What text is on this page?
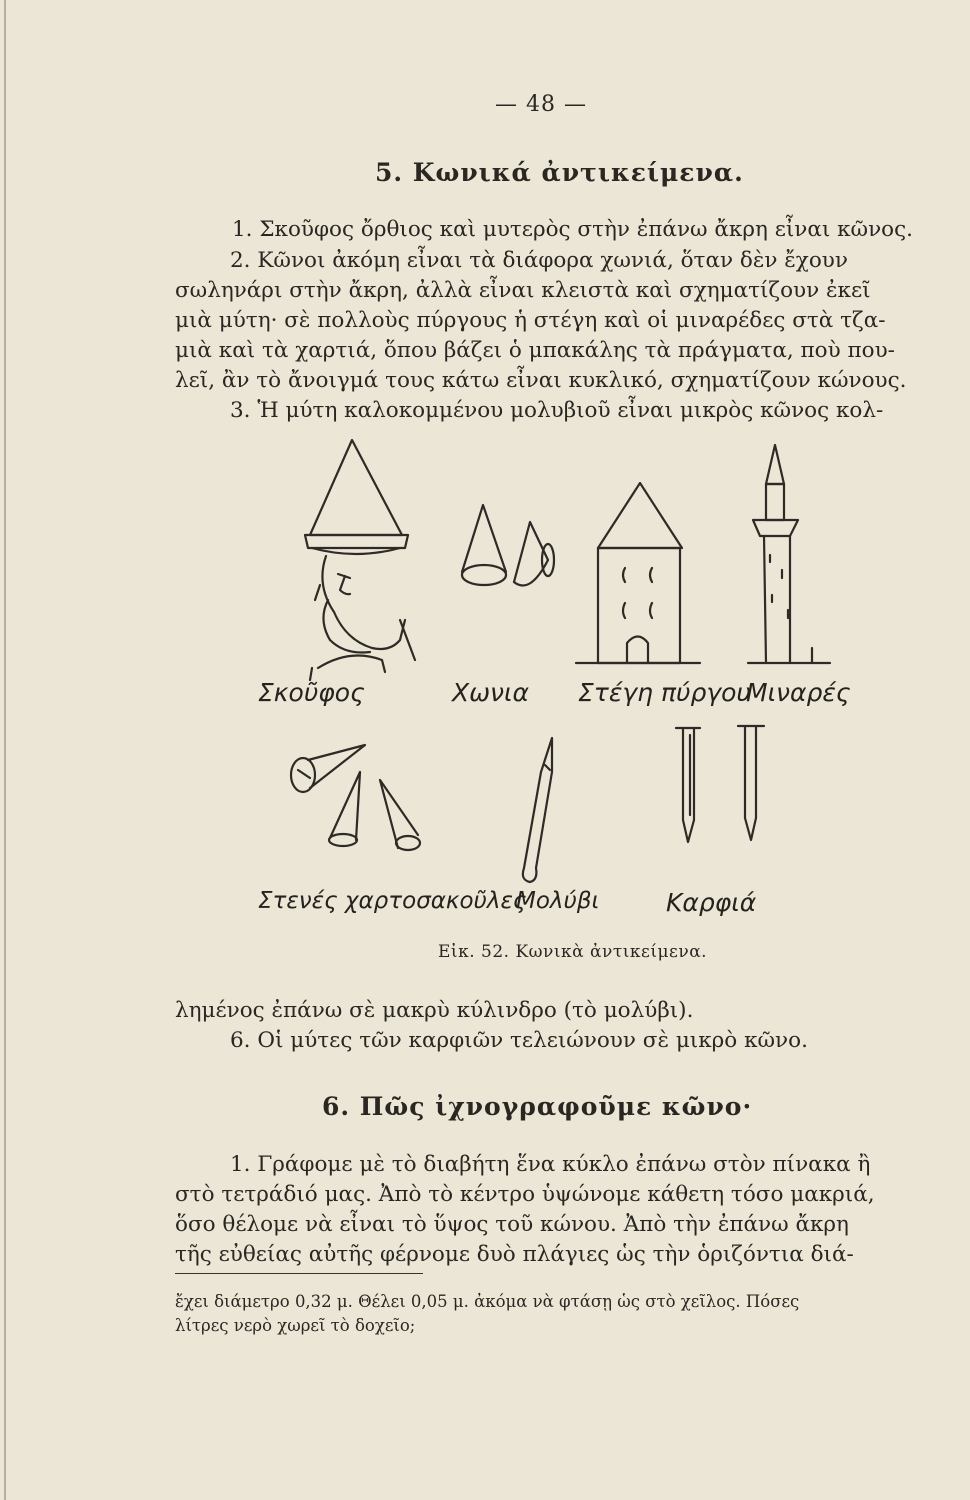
— 48 —
5. Κωνικά ἀντικείμενα.
1. Σκοῦφος ὄρθιος καὶ μυτερὸς στὴν ἐπάνω ἄκρη εἶναι κῶνος.
2. Κῶνοι ἀκόμη εἶναι τὰ διάφορα χωνιά, ὅταν δὲν ἔχουν
σωληνάρι στὴν ἄκρη, ἀλλὰ εἶναι κλειστὰ καὶ σχηματίζουν ἐκεῖ
μιὰ μύτη· σὲ πολλοὺς πύργους ἡ στέγη καὶ οἱ μιναρέδες στὰ τζα-
μιὰ καὶ τὰ χαρτιά, ὅπου βάζει ὁ μπακάλης τὰ πράγματα, ποὺ που-
λεῖ, ἂν τὸ ἄνοιγμά τους κάτω εἶναι κυκλικό, σχηματίζουν κώνους.
3. Ἡ μύτη καλοκομμένου μολυβιοῦ εἶναι μικρὸς κῶνος κολ-
Σκοῦφος	Χωνια Στέγη πύργου
Μιναρές
Στενές χαρτοσακοῦλες
Μολύβι	Καρφιά
Εἰκ. 52. Κωνικὰ ἀντικείμενα.
λημένος ἐπάνω σὲ μακρὺ κύλινδρο (τὸ μολύβι).
6. Οἱ μύτες τῶν καρφιῶν τελειώνουν σὲ μικρὸ κῶνο.
6. Πῶς ἰχνογραφοῦμε κῶνο·
1. Γράφομε μὲ τὸ διαβήτη ἕνα κύκλο ἐπάνω στὸν πίνακα ἢ
στὸ τετράδιό μας. Ἀπὸ τὸ κέντρο ὑψώνομε κάθετη τόσο μακριά,
ὅσο θέλομε νὰ εἶναι τὸ ὕψος τοῦ κώνου. Ἀπὸ τὴν ἐπάνω ἄκρη
τῆς εὐθείας αὐτῆς φέρνομε δυὸ πλάγιες ὡς τὴν ὁριζόντια διά-
ἔχει διάμετρο 0,32 μ. Θέλει 0,05 μ. ἀκόμα νὰ φτάσῃ ὡς στὸ χεῖλος. Πόσες
λίτρες νερὸ χωρεῖ τὸ δοχεῖο;
